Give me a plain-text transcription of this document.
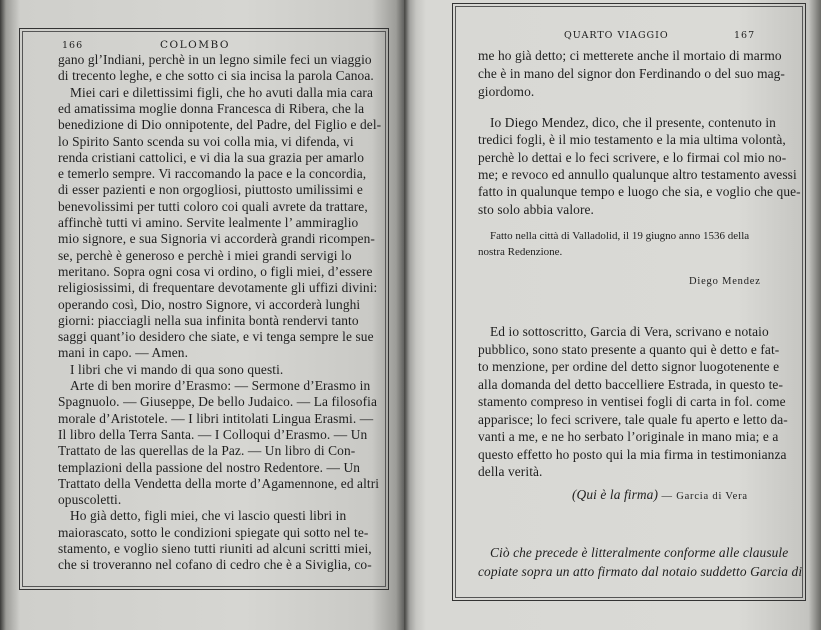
166	COLOMBO
gano gl’Indiani, perchè in un legno simile feci un viaggio
di trecento leghe, e che sotto ci sia incisa la parola Canoa.
Miei cari e dilettissimi figli, che ho avuti dalla mia cara
ed amatissima moglie donna Francesca di Ribera, che la
benedizione di Dio onnipotente, del Padre, del Figlio e del-
lo Spirito Santo scenda su voi colla mia, vi difenda, vi
renda cristiani cattolici, e vi dia la sua grazia per amarlo
e temerlo sempre. Vi raccomando la pace e la concordia,
di esser pazienti e non orgogliosi, piuttosto umilissimi e
benevolissimi per tutti coloro coi quali avrete da trattare,
affinchè tutti vi amino. Servite lealmente l’ ammiraglio
mio signore, e sua Signoria vi accorderà grandi ricompen-
se, perchè è generoso e perchè i miei grandi servigi lo
meritano. Sopra ogni cosa vi ordino, o figli miei, d’essere
religiosissimi, di frequentare devotamente gli uffizi divini:
operando così, Dio, nostro Signore, vi accorderà lunghi
giorni: piacciagli nella sua infinita bontà rendervi tanto
saggi quant’io desidero che siate, e vi tenga sempre le sue
mani in capo. — Amen.
I libri che vi mando di qua sono questi.
Arte di ben morire d’Erasmo: — Sermone d’Erasmo in
Spagnuolo. — Giuseppe, De bello Judaico. — La filosofia
morale d’Aristotele. — I libri intitolati Lingua Erasmi. —
Il libro della Terra Santa. — I Colloqui d’Erasmo. — Un
Trattato de las querellas de la Paz. — Un libro di Con-
templazioni della passione del nostro Redentore. — Un
Trattato della Vendetta della morte d’Agamennone, ed altri
opuscoletti.
Ho già detto, figli miei, che vi lascio questi libri in
maiorascato, sotto le condizioni spiegate qui sotto nel te-
stamento, e voglio sieno tutti riuniti ad alcuni scritti miei,
che si troveranno nel cofano di cedro che è a Siviglia, co-
QUARTO VIAGGIO	167
me ho già detto; ci metterete anche il mortaio di marmo
che è in mano del signor don Ferdinando o del suo mag-
giordomo.
Io Diego Mendez, dico, che il presente, contenuto in
tredici fogli, è il mio testamento e la mia ultima volontà,
perchè lo dettai e lo feci scrivere, e lo firmai col mio no-
me; e revoco ed annullo qualunque altro testamento avessi
fatto in qualunque tempo e luogo che sia, e voglio che que-
sto solo abbia valore.
Fatto nella città di Valladolid, il 19 giugno anno 1536 della
nostra Redenzione.
Ed io sottoscritto, Garcia di Vera, scrivano e notaio
pubblico, sono stato presente a quanto qui è detto e fat-
to menzione, per ordine del detto signor luogotenente e
alla domanda del detto baccelliere Estrada, in questo te-
stamento compreso in ventisei fogli di carta in fol. come
apparisce; lo feci scrivere, tale quale fu aperto e letto da-
vanti a me, e ne ho serbato l’originale in mano mia; e a
questo effetto ho posto qui la mia firma in testimonianza
della verità.
Ciò che precede è litteralmente conforme alle clausule
copiate sopra un atto firmato dal notaio suddetto Garcia di
Diego Mendez
(Qui è la firma) — Garcia di Vera
